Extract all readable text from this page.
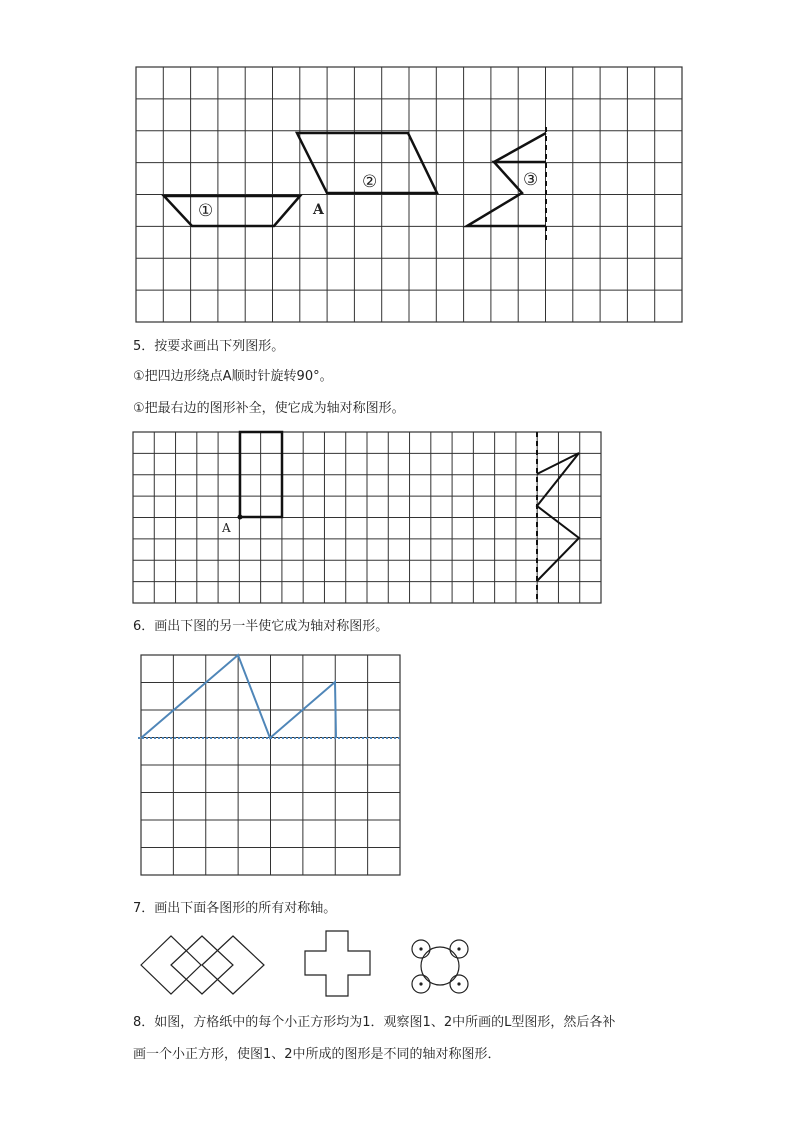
①
②	③
A
5．按要求画出下列图形。
①把四边形绕点A顺时针旋转90°。
①把最右边的图形补全，使它成为轴对称图形。
A
6．画出下图的另一半使它成为轴对称图形。
7．画出下面各图形的所有对称轴。
8．如图，方格纸中的每个小正方形均为1．观察图1、2中所画的L型图形，然后各补
画一个小正方形，使图1、2中所成的图形是不同的轴对称图形．
